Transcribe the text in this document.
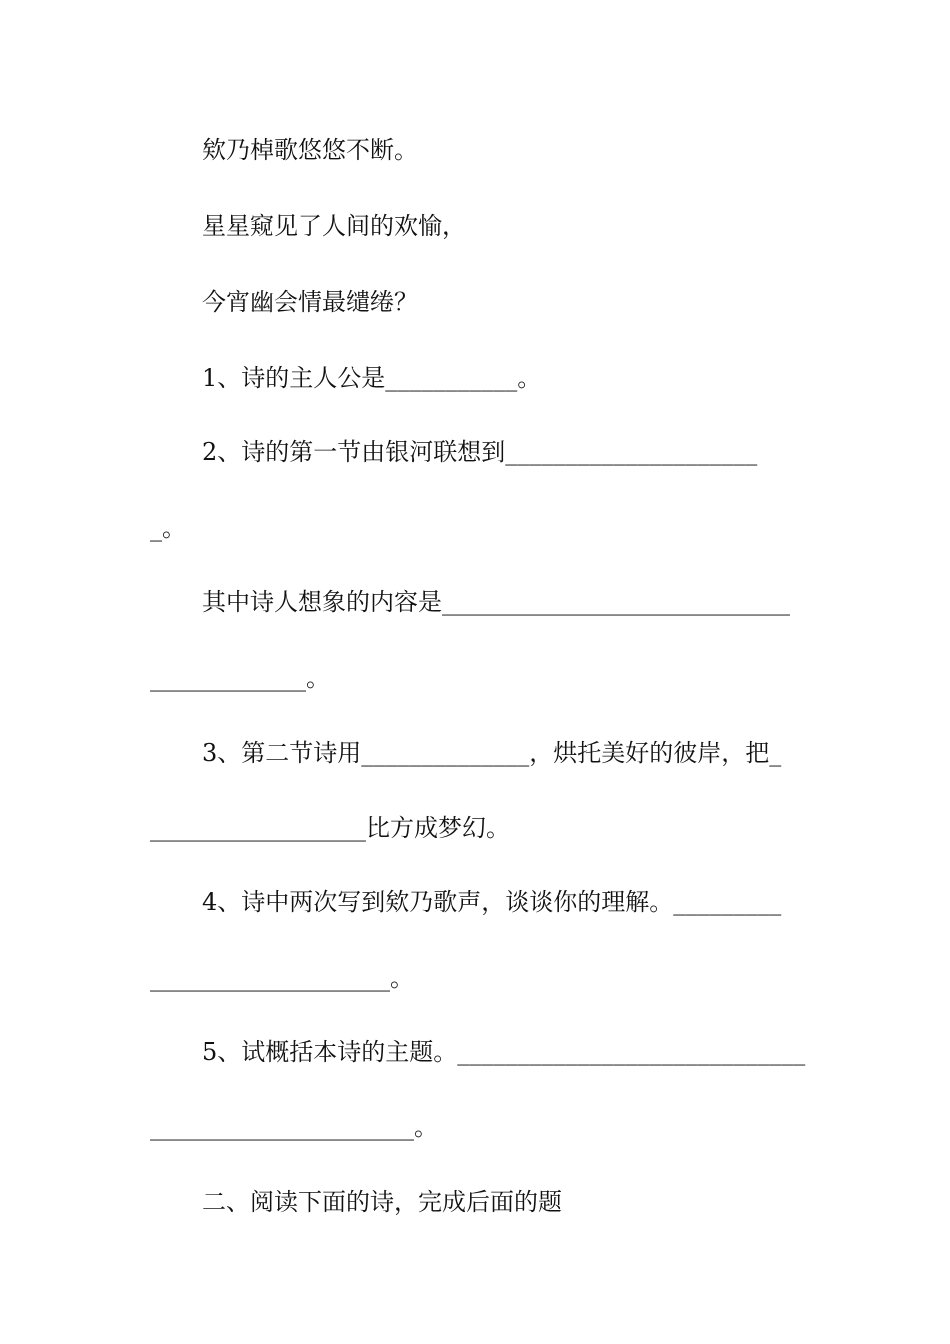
欸乃棹歌悠悠不断。

星星窥见了人间的欢愉，

今宵幽会情最缱绻？

1、诗的主人公是___________。

2、诗的第一节由银河联想到_____________________

_。

其中诗人想象的内容是_____________________________

_____________。

3、第二节诗用______________，烘托美好的彼岸，把_

__________________比方成梦幻。

4、诗中两次写到欸乃歌声，谈谈你的理解。_________

____________________。

5、试概括本诗的主题。_____________________________

______________________。

二、阅读下面的诗，完成后面的题
